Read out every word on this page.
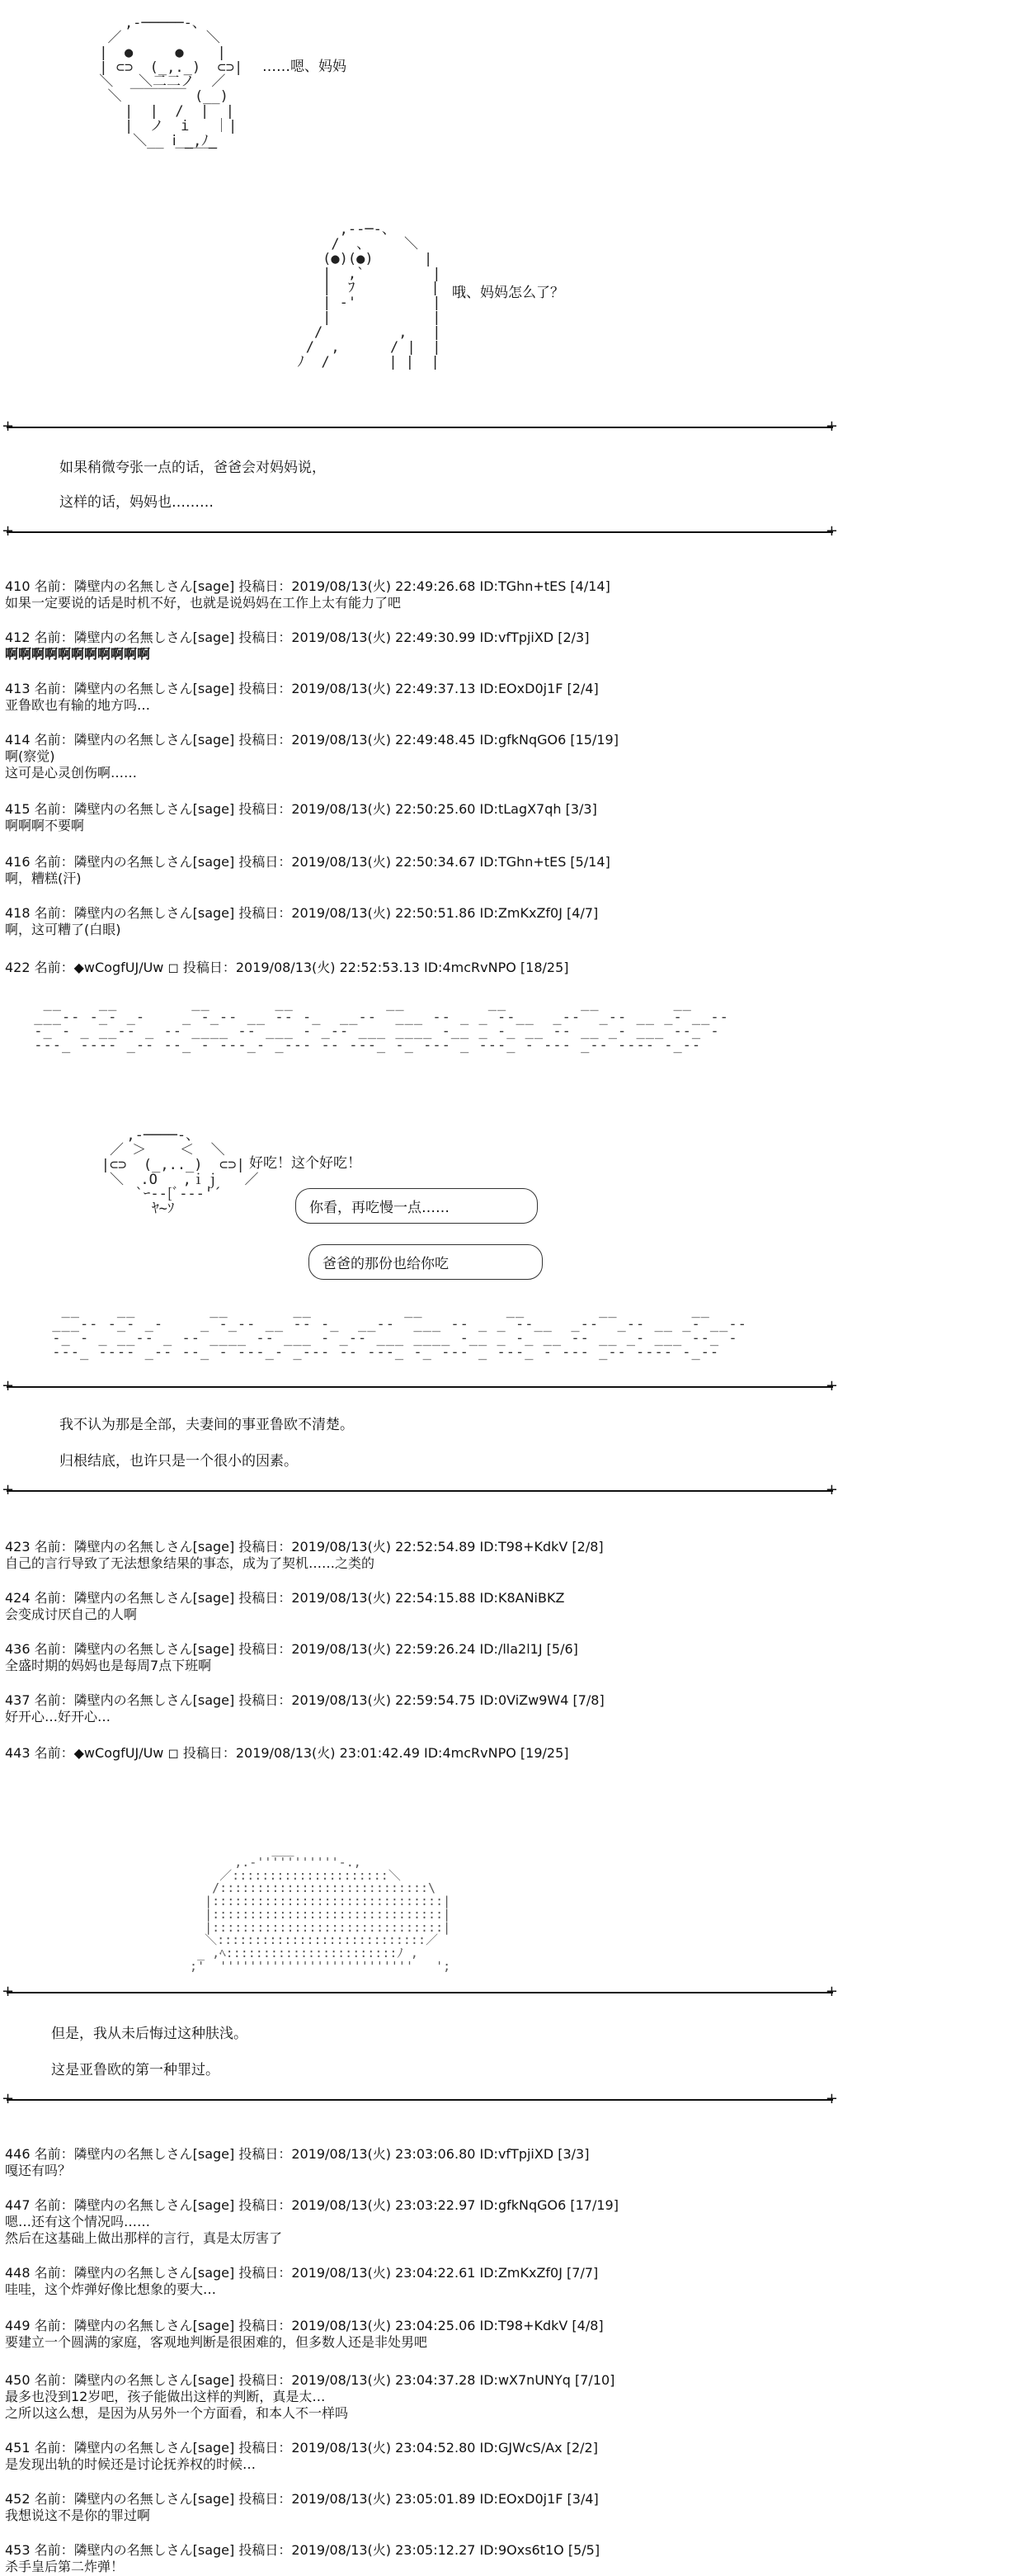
,-─────-、
／          ＼
|  ●     ●    |
| ⊂⊃  (_,._)  ⊂⊃|
＼   ＼二二ノ  ／
＼ ￣￣￣￣ (__)
|  |  /  |  |
|  ノ  i   ｜|
＼__ ⅰ _,ﾉ_
￣￣￣
……嗯、妈妈
,--─-、
/  、    ＼
(●)(●)      |
|  ,`        |
|  ﾌ         |
| ‐'         |
|            |
/         ,   |
/  ,      / |  |
ﾉ  /       | |  |
哦、妈妈怎么了？
+ +
如果稍微夸张一点的话，爸爸会对妈妈说，
这样的话，妈妈也………
+ +
410 名前：隣壁内の名無しさん[sage] 投稿日：2019/08/13(火) 22:49:26.68 ID:TGhn+tES [4/14]
如果一定要说的话是时机不好，也就是说妈妈在工作上太有能力了吧
412 名前：隣壁内の名無しさん[sage] 投稿日：2019/08/13(火) 22:49:30.99 ID:vfTpjiXD [2/3]
啊啊啊啊啊啊啊啊啊啊啊
413 名前：隣壁内の名無しさん[sage] 投稿日：2019/08/13(火) 22:49:37.13 ID:EOxD0j1F [2/4]
亚鲁欧也有输的地方吗…
414 名前：隣壁内の名無しさん[sage] 投稿日：2019/08/13(火) 22:49:48.45 ID:gfkNqGO6 [15/19]
啊(察觉)
这可是心灵创伤啊……
415 名前：隣壁内の名無しさん[sage] 投稿日：2019/08/13(火) 22:50:25.60 ID:tLagX7qh [3/3]
啊啊啊不要啊
416 名前：隣壁内の名無しさん[sage] 投稿日：2019/08/13(火) 22:50:34.67 ID:TGhn+tES [5/14]
啊，糟糕(汗)
418 名前：隣壁内の名無しさん[sage] 投稿日：2019/08/13(火) 22:50:51.86 ID:ZmKxZf0J [4/7]
啊，这可糟了(白眼)
422 名前：◆wCogfUJ/Uw ◻ 投稿日：2019/08/13(火) 22:52:53.13 ID:4mcRvNPO [18/25]
__    __        __       __          __         __        __        __
___-- -_- _-    _ -_-- __ -- -_  __--  ___ -- _ _ --__  _--  _-- __ _- __--
-_ - _ __-- _ -- ____ -- ___ - _-- ___ ____ -__ _ -_ __ -- __ _- ___ --_ -
---_ ---- _-- --_ - ---_- _--- -- ---_ -_ --- _ ---_ - --- _-- ---- -_--
,-────-、
／ ＞    ＜  ＼
|⊂⊃  (_,.._)  ⊂⊃|
＼  .O   ,ｉｊ   ／
`ｰ--[ﾞ--‐'´
ﾔ~ｿ
好吃！这个好吃！
你看，再吃慢一点……
爸爸的那份也给你吃
__    __        __       __          __         __        __        __
___-- -_- _-    _ -_-- __ -- -_  __--  ___ -- _ _ --__  _--  _-- __ _- __--
-_ - _ __-- _ -- ____ -- ___ - _-- ___ ____ -__ _ -_ __ -- __ _- ___ --_ -
---_ ---- _-- --_ - ---_- _--- -- ---_ -_ --- _ ---_ - --- _-- ---- -_--
+ +
我不认为那是全部，夫妻间的事亚鲁欧不清楚。
归根结底，也许只是一个很小的因素。
+ +
423 名前：隣壁内の名無しさん[sage] 投稿日：2019/08/13(火) 22:52:54.89 ID:T98+KdkV [2/8]
自己的言行导致了无法想象结果的事态，成为了契机……之类的
424 名前：隣壁内の名無しさん[sage] 投稿日：2019/08/13(火) 22:54:15.88 ID:K8ANiBKZ
会变成讨厌自己的人啊
436 名前：隣壁内の名無しさん[sage] 投稿日：2019/08/13(火) 22:59:26.24 ID:/lla2l1J [5/6]
全盛时期的妈妈也是每周7点下班啊
437 名前：隣壁内の名無しさん[sage] 投稿日：2019/08/13(火) 22:59:54.75 ID:0ViZw9W4 [7/8]
好开心…好开心…
443 名前：◆wCogfUJ/Uw ◻ 投稿日：2019/08/13(火) 23:01:42.49 ID:4mcRvNPO [19/25]
___
,.-'''''''''''-.,
／:::::::::::::::::::::＼
/::::::::::::::::::::::::::::\
|:::::::::::::::::::::::::::::::|
|:::::::::::::::::::::::::::::::|
|:::::::::::::::::::::::::::::::|
＼::::::::::::::::::::::::::::／
_ ,ﾍ:::::::::::::::::::::::ﾉ ,
;'  ''''''''''''''''''''''''''   ';
+ +
但是，我从未后悔过这种肤浅。
这是亚鲁欧的第一种罪过。
+ +
446 名前：隣壁内の名無しさん[sage] 投稿日：2019/08/13(火) 23:03:06.80 ID:vfTpjiXD [3/3]
嘎还有吗？
447 名前：隣壁内の名無しさん[sage] 投稿日：2019/08/13(火) 23:03:22.97 ID:gfkNqGO6 [17/19]
嗯…还有这个情况吗……
然后在这基础上做出那样的言行，真是太厉害了
448 名前：隣壁内の名無しさん[sage] 投稿日：2019/08/13(火) 23:04:22.61 ID:ZmKxZf0J [7/7]
哇哇，这个炸弹好像比想象的要大…
449 名前：隣壁内の名無しさん[sage] 投稿日：2019/08/13(火) 23:04:25.06 ID:T98+KdkV [4/8]
要建立一个圆满的家庭，客观地判断是很困难的，但多数人还是非处男吧
450 名前：隣壁内の名無しさん[sage] 投稿日：2019/08/13(火) 23:04:37.28 ID:wX7nUNYq [7/10]
最多也没到12岁吧，孩子能做出这样的判断，真是太…
之所以这么想，是因为从另外一个方面看，和本人不一样吗
451 名前：隣壁内の名無しさん[sage] 投稿日：2019/08/13(火) 23:04:52.80 ID:GJWcS/Ax [2/2]
是发现出轨的时候还是讨论抚养权的时候…
452 名前：隣壁内の名無しさん[sage] 投稿日：2019/08/13(火) 23:05:01.89 ID:EOxD0j1F [3/4]
我想说这不是你的罪过啊
453 名前：隣壁内の名無しさん[sage] 投稿日：2019/08/13(火) 23:05:12.27 ID:9Oxs6t1O [5/5]
杀手皇后第二炸弹！
